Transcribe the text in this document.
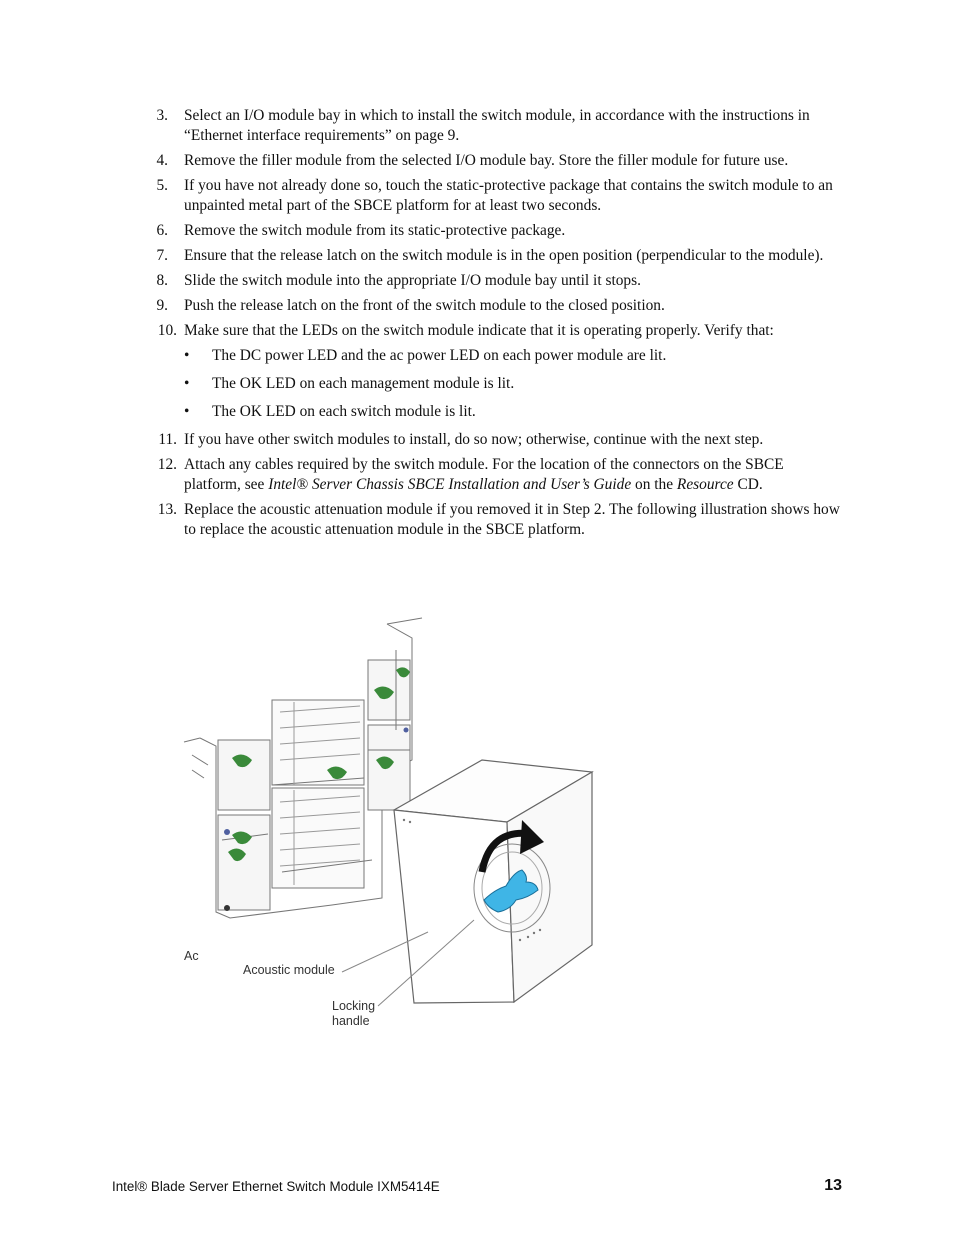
3. Select an I/O module bay in which to install the switch module, in accordance with the instructions in “Ethernet interface requirements” on page 9.
4. Remove the filler module from the selected I/O module bay. Store the filler module for future use.
5. If you have not already done so, touch the static-protective package that contains the switch module to an unpainted metal part of the SBCE platform for at least two seconds.
6. Remove the switch module from its static-protective package.
7. Ensure that the release latch on the switch module is in the open position (perpendicular to the module).
8. Slide the switch module into the appropriate I/O module bay until it stops.
9. Push the release latch on the front of the switch module to the closed position.
10. Make sure that the LEDs on the switch module indicate that it is operating properly. Verify that:
• The DC power LED and the ac power LED on each power module are lit.
• The OK LED on each management module is lit.
• The OK LED on each switch module is lit.
11. If you have other switch modules to install, do so now; otherwise, continue with the next step.
12. Attach any cables required by the switch module. For the location of the connectors on the SBCE platform, see Intel® Server Chassis SBCE Installation and User’s Guide on the Resource CD.
13. Replace the acoustic attenuation module if you removed it in Step 2. The following illustration shows how to replace the acoustic attenuation module in the SBCE platform.
Ac
Acoustic module
Locking
handle
Intel® Blade Server Ethernet Switch Module IXM5414E	13
